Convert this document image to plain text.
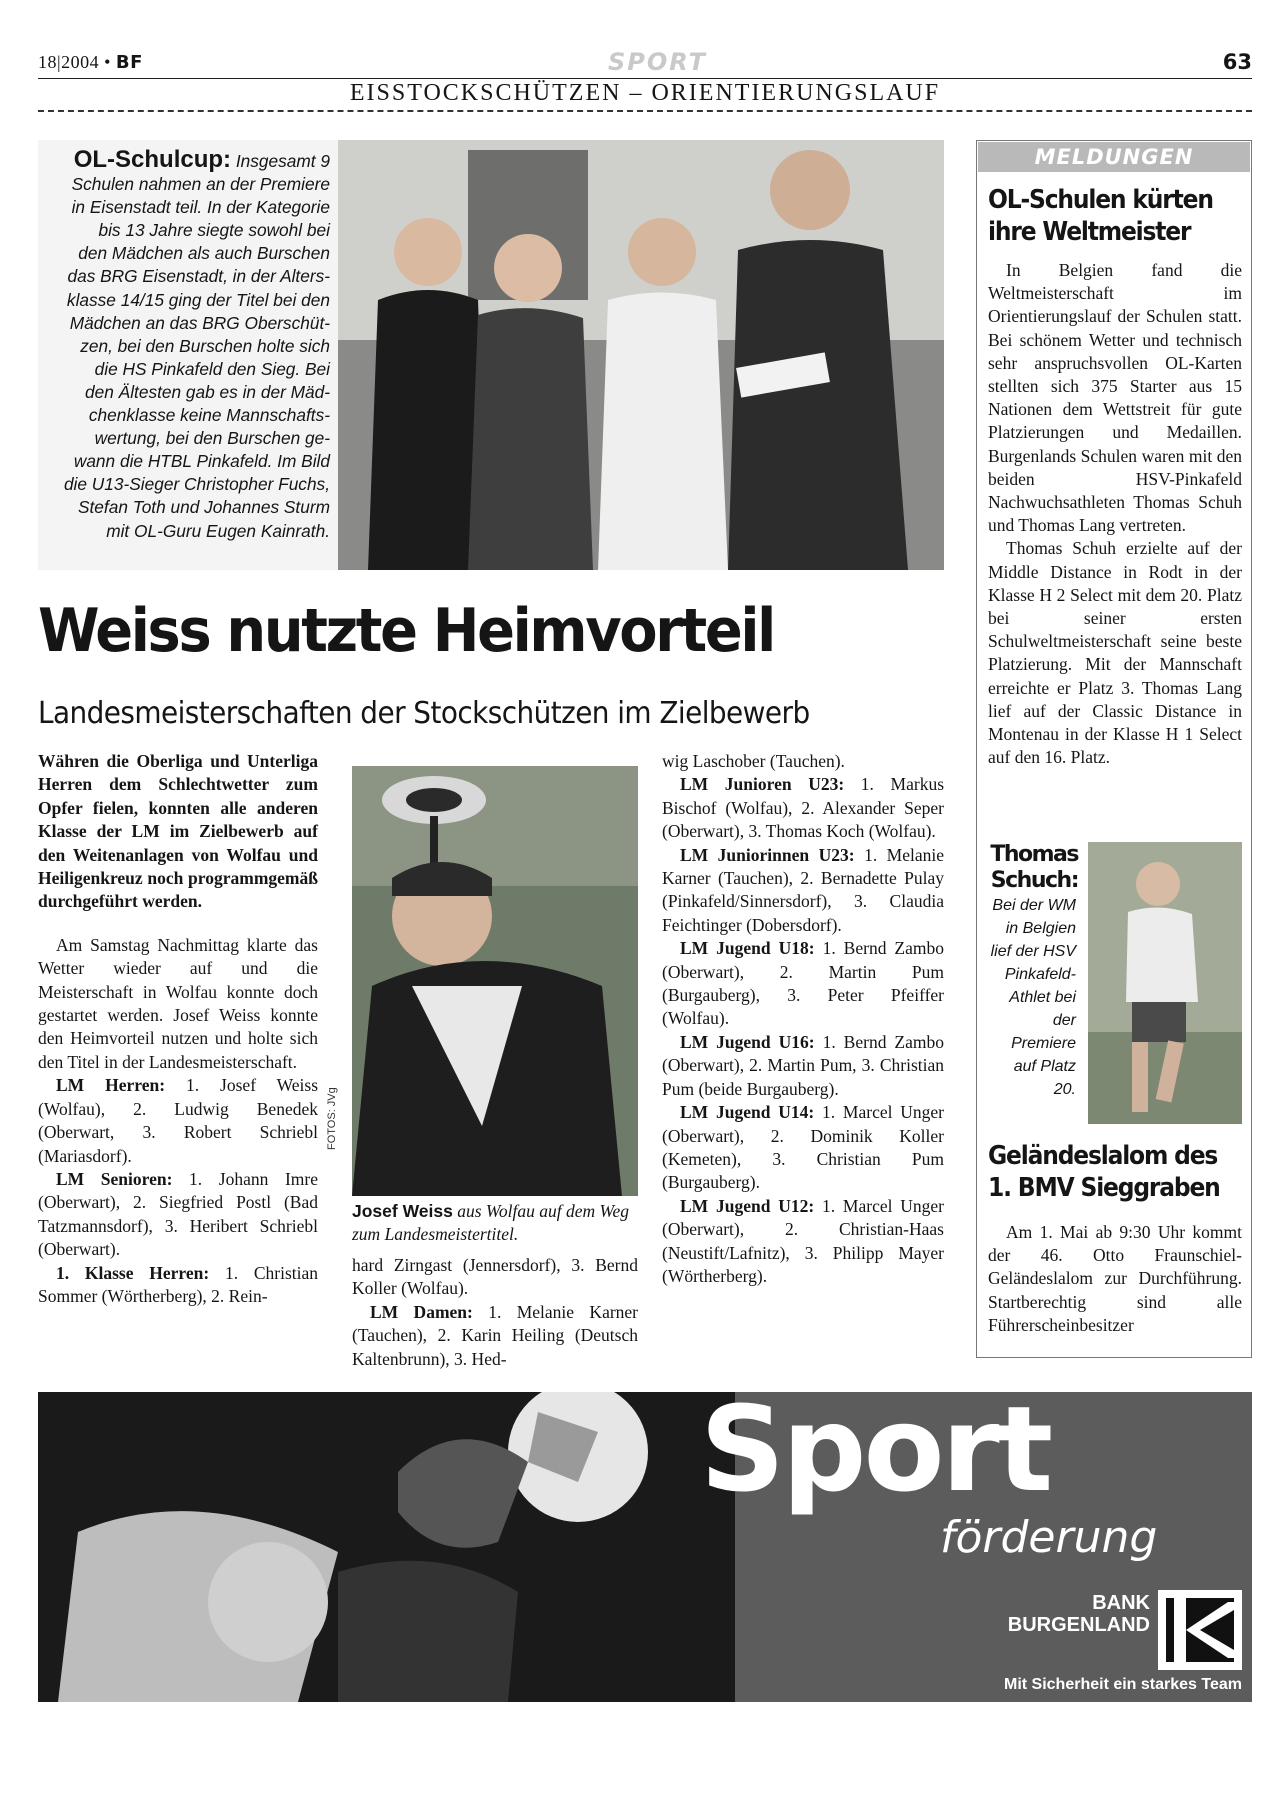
18|2004 • BF	SPORT	63
EISSTOCKSCHÜTZEN – ORIENTIERUNGSLAUF
OL-Schulcup: Insgesamt 9
Schulen nahmen an der Premiere
in Eisenstadt teil. In der Kategorie
bis 13 Jahre siegte sowohl bei
den Mädchen als auch Burschen
das BRG Eisenstadt, in der Alters-
klasse 14/15 ging der Titel bei den
Mädchen an das BRG Oberschüt-
zen, bei den Burschen holte sich
die HS Pinkafeld den Sieg. Bei
den Ältesten gab es in der Mäd-
chenklasse keine Mannschafts-
wertung, bei den Burschen ge-
wann die HTBL Pinkafeld. Im Bild
die U13-Sieger Christopher Fuchs,
Stefan Toth und Johannes Sturm
mit OL-Guru Eugen Kainrath.
Weiss nutzte Heimvorteil
Landesmeisterschaften der Stockschützen im Zielbewerb

Währen die Oberliga und Unterliga Herren dem Schlechtwetter zum Opfer fielen, konnten alle anderen Klasse der LM im Zielbewerb auf den Weitenanlagen von Wolfau und Heiligenkreuz noch programmgemäß durchgeführt werden.

Am Samstag Nachmittag klarte das Wetter wieder auf und die Meisterschaft in Wolfau konnte doch gestartet werden. Josef Weiss konnte den Heimvorteil nutzen und holte sich den Titel in der Landesmeisterschaft.

LM Herren: 1. Josef Weiss (Wolfau), 2. Ludwig Benedek (Oberwart, 3. Robert Schriebl (Mariasdorf).

LM Senioren: 1. Johann Imre (Oberwart), 2. Siegfried Postl (Bad Tatzmannsdorf), 3. Heribert Schriebl (Oberwart).

1. Klasse Herren: 1. Christian Sommer (Wörtherberg), 2. Rein-

FOTOS: JVg
Josef Weiss aus Wolfau auf dem Weg zum Landesmeistertitel.

hard Zirngast (Jennersdorf), 3. Bernd Koller (Wolfau).

LM Damen: 1. Melanie Karner (Tauchen), 2. Karin Heiling (Deutsch Kaltenbrunn), 3. Hed-

wig Laschober (Tauchen).

LM Junioren U23: 1. Markus Bischof (Wolfau), 2. Alexander Seper (Oberwart), 3. Thomas Koch (Wolfau).

LM Juniorinnen U23: 1. Melanie Karner (Tauchen), 2. Bernadette Pulay (Pinkafeld/Sinnersdorf), 3. Claudia Feichtinger (Dobersdorf).

LM Jugend U18: 1. Bernd Zambo (Oberwart), 2. Martin Pum (Burgauberg), 3. Peter Pfeiffer (Wolfau).

LM Jugend U16: 1. Bernd Zambo (Oberwart), 2. Martin Pum, 3. Christian Pum (beide Burgauberg).

LM Jugend U14: 1. Marcel Unger (Oberwart), 2. Dominik Koller (Kemeten), 3. Christian Pum (Burgauberg).

LM Jugend U12: 1. Marcel Unger (Oberwart), 2. Christian-Haas (Neustift/Lafnitz), 3. Philipp Mayer (Wörtherberg).

MELDUNGEN
OL-Schulen kürten ihre Weltmeister

In Belgien fand die Weltmeisterschaft im Orientierungslauf der Schulen statt. Bei schönem Wetter und technisch sehr anspruchsvollen OL-Karten stellten sich 375 Starter aus 15 Nationen dem Wettstreit für gute Platzierungen und Medaillen. Burgenlands Schulen waren mit den beiden HSV-Pinkafeld Nachwuchsathleten Thomas Schuh und Thomas Lang vertreten.

Thomas Schuh erzielte auf der Middle Distance in Rodt in der Klasse H 2 Select mit dem 20. Platz bei seiner ersten Schulweltmeisterschaft seine beste Platzierung. Mit der Mannschaft erreichte er Platz 3. Thomas Lang lief auf der Classic Distance in Montenau in der Klasse H 1 Select auf den 16. Platz.

Thomas Schuch:
Bei der WM in Belgien lief der HSV Pinkafeld-Athlet bei der Premiere auf Platz 20.
Geländeslalom des 1. BMV Sieggraben

Am 1. Mai ab 9:30 Uhr kommt der 46. Otto Fraunschiel-Geländeslalom zur Durchführung. Startberechtig sind alle Führerscheinbesitzer

Sport
förderung
BANK
BURGENLAND
Mit Sicherheit ein starkes Team
